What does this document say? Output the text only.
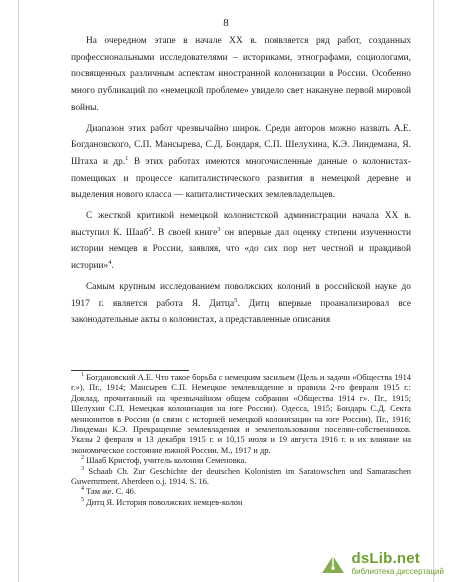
8

На очередном этапе в начале XX в. появляется ряд работ, созданных профессиональными исследователями – историками, этнографами, социологами, посвященных различным аспектам иностранной колонизации в России. Особенно много публикаций по «немецкой проблеме» увидело свет накануне первой мировой войны.

Диапазон этих работ чрезвычайно широк. Среди авторов можно назвать А.Е. Богдановского, С.П. Мансырева, С.Д. Бондаря, С.П. Шелухина, К.Э. Линдемана, Я. Штаха и др.$^1$ В этих работах имеются многочисленные данные о колонистах-помещиках и процессе капиталистического развития в немецкой деревне и выделения нового класса — капиталистических землевладельцев.

С жесткой критикой немецкой колонистской администрации начала XX в. выступил К. Шааб$^2$. В своей книге$^3$ он впервые дал оценку степени изученности истории немцев в России, заявляя, что «до сих пор нет честной и правдивой истории»$^4$.

Самым крупным исследованием поволжских колоний в российской науке до 1917 г. является работа Я. Дитца$^5$. Дитц впервые проанализировал все законодательные акты о колонистах, а представленные описания

$^1$ Богдановский А.Е. Что такое борьба с немецким засильем (Цель и задачи «Общества 1914 г.»). Пг., 1914; Мансырев С.П. Немецкое землевладение и правила 2-го февраля 1915 г.: Доклад, прочитанный на чрезвычайном общем собрании «Общества 1914 г». Пг., 1915; Шелухин С.П. Немецкая колонизация на юге России). Одесса, 1915; Бондарь С.Д. Секта меннонитов в России (в связи с историей немецкой колонизации на юге России). Пг., 1916; Линдеман К.Э. Прекращение землевладения и землепользования поселян-собственников. Указы 2 февраля и 13 декабря 1915 г. и 10,15 июля и 19 августа 1916 г. и их влияние на экономическое состояние южной России. М., 1917 и др.

$^2$ Шааб Кристоф, учитель колонии Семеновка.

$^3$ Schaab Ch. Zur Geschichte der deutschen Kolonisten im Saratowschen und Samaraschen Guwernrment. Aberdeen o.j. 1914. S. 16.

$^4$ Там же. С. 46.

$^5$ Дитц Я. История поволжских немцев-колон

dsLib.net
библиотека диссертаций
